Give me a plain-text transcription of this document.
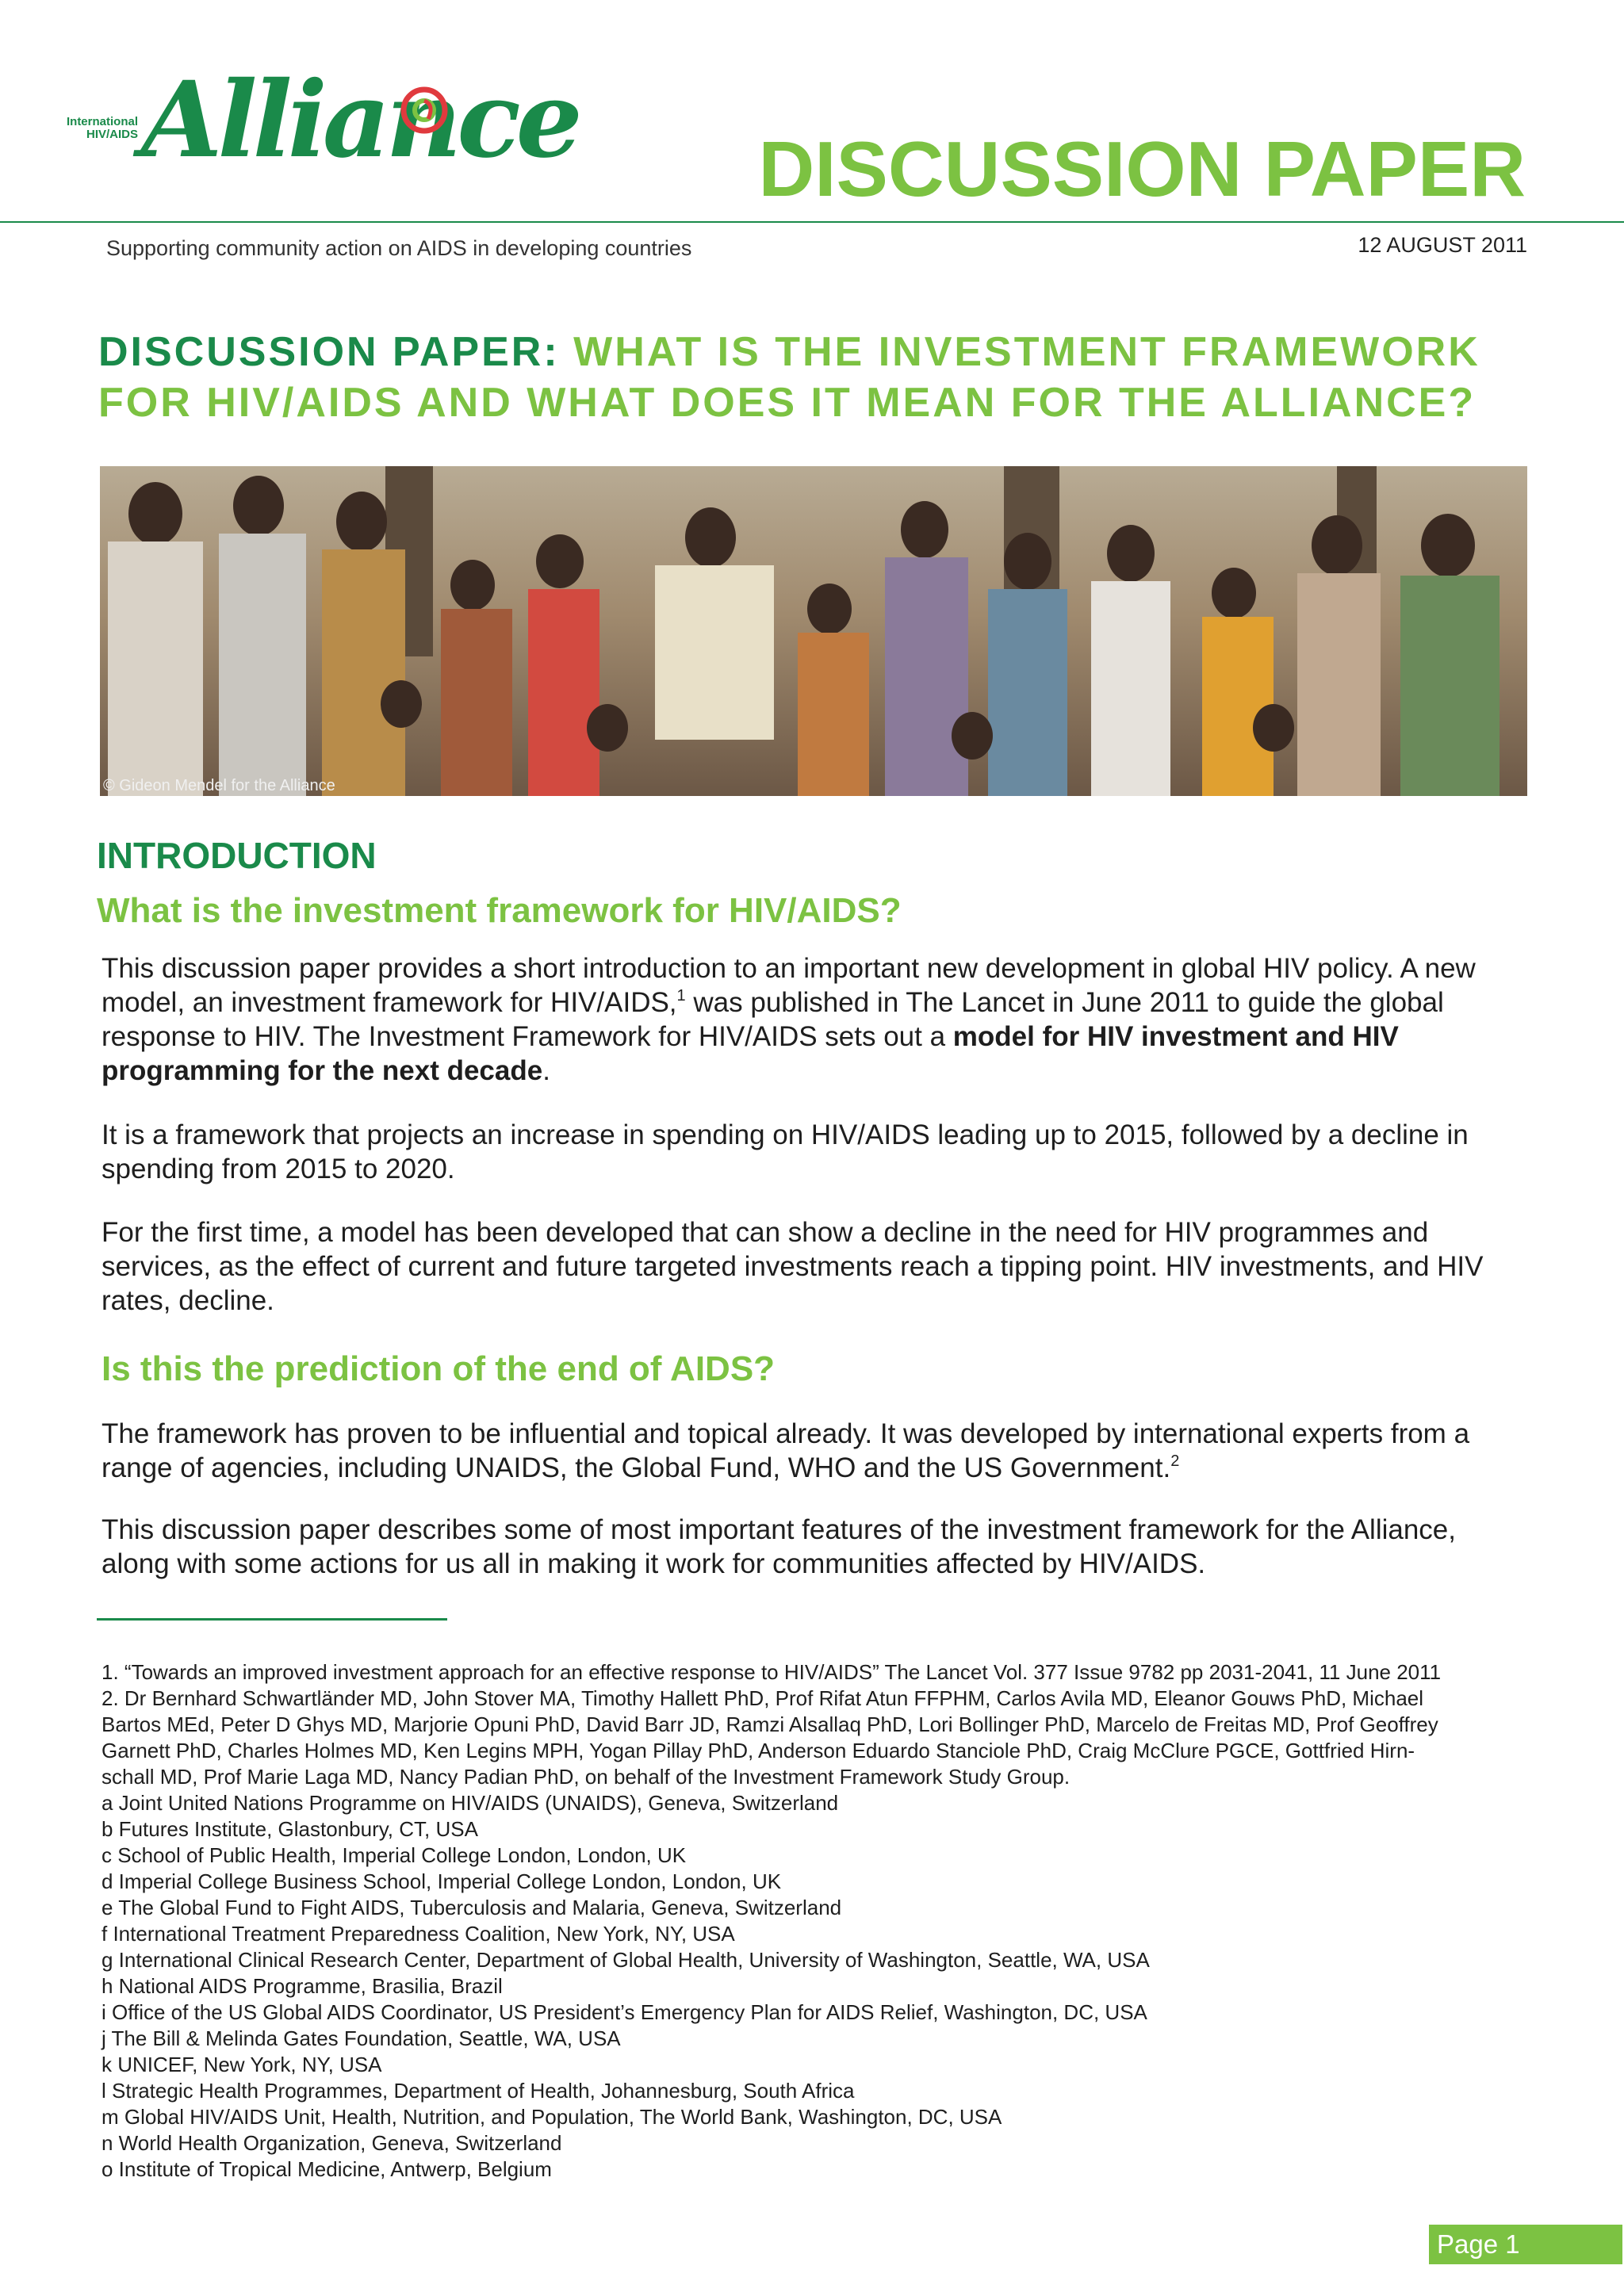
International
HIV/AIDS Alliance
Supporting community action on AIDS in developing countries
DISCUSSION PAPER
12 AUGUST 2011
DISCUSSION PAPER: WHAT IS THE INVESTMENT FRAMEWORK FOR HIV/AIDS AND WHAT DOES IT MEAN FOR THE ALLIANCE?
© Gideon Mendel for the Alliance
INTRODUCTION
What is the investment framework for HIV/AIDS?
This discussion paper provides a short introduction to an important new development in global HIV policy. A new model, an investment framework for HIV/AIDS,$^1$ was published in The Lancet in June 2011 to guide the global response to HIV. The Investment Framework for HIV/AIDS sets out a model for HIV investment and HIV programming for the next decade.
It is a framework that projects an increase in spending on HIV/AIDS leading up to 2015, followed by a decline in spending from 2015 to 2020.
For the first time, a model has been developed that can show a decline in the need for HIV programmes and services, as the effect of current and future targeted investments reach a tipping point. HIV investments, and HIV rates, decline.
Is this the prediction of the end of AIDS?
The framework has proven to be influential and topical already. It was developed by international experts from a range of agencies, including UNAIDS, the Global Fund, WHO and the US Government.$^2$
This discussion paper describes some of most important features of the investment framework for the Alliance, along with some actions for us all in making it work for communities affected by HIV/AIDS.
1. “Towards an improved investment approach for an effective response to HIV/AIDS” The Lancet Vol. 377 Issue 9782 pp 2031-2041, 11 June 2011
2. Dr Bernhard Schwartländer MD, John Stover MA, Timothy Hallett PhD, Prof Rifat Atun FFPHM, Carlos Avila MD, Eleanor Gouws PhD, Michael
Bartos MEd, Peter D Ghys MD, Marjorie Opuni PhD, David Barr JD, Ramzi Alsallaq PhD, Lori Bollinger PhD, Marcelo de Freitas MD, Prof Geoffrey
Garnett PhD, Charles Holmes MD, Ken Legins MPH, Yogan Pillay PhD, Anderson Eduardo Stanciole PhD, Craig McClure PGCE, Gottfried Hirn-
schall MD, Prof Marie Laga MD, Nancy Padian PhD, on behalf of the Investment Framework Study Group.
a Joint United Nations Programme on HIV/AIDS (UNAIDS), Geneva, Switzerland
b Futures Institute, Glastonbury, CT, USA
c School of Public Health, Imperial College London, London, UK
d Imperial College Business School, Imperial College London, London, UK
e The Global Fund to Fight AIDS, Tuberculosis and Malaria, Geneva, Switzerland
f International Treatment Preparedness Coalition, New York, NY, USA
g International Clinical Research Center, Department of Global Health, University of Washington, Seattle, WA, USA
h National AIDS Programme, Brasilia, Brazil
i Office of the US Global AIDS Coordinator, US President’s Emergency Plan for AIDS Relief, Washington, DC, USA
j The Bill & Melinda Gates Foundation, Seattle, WA, USA
k UNICEF, New York, NY, USA
l Strategic Health Programmes, Department of Health, Johannesburg, South Africa
m Global HIV/AIDS Unit, Health, Nutrition, and Population, The World Bank, Washington, DC, USA
n World Health Organization, Geneva, Switzerland
o Institute of Tropical Medicine, Antwerp, Belgium
Page 1
